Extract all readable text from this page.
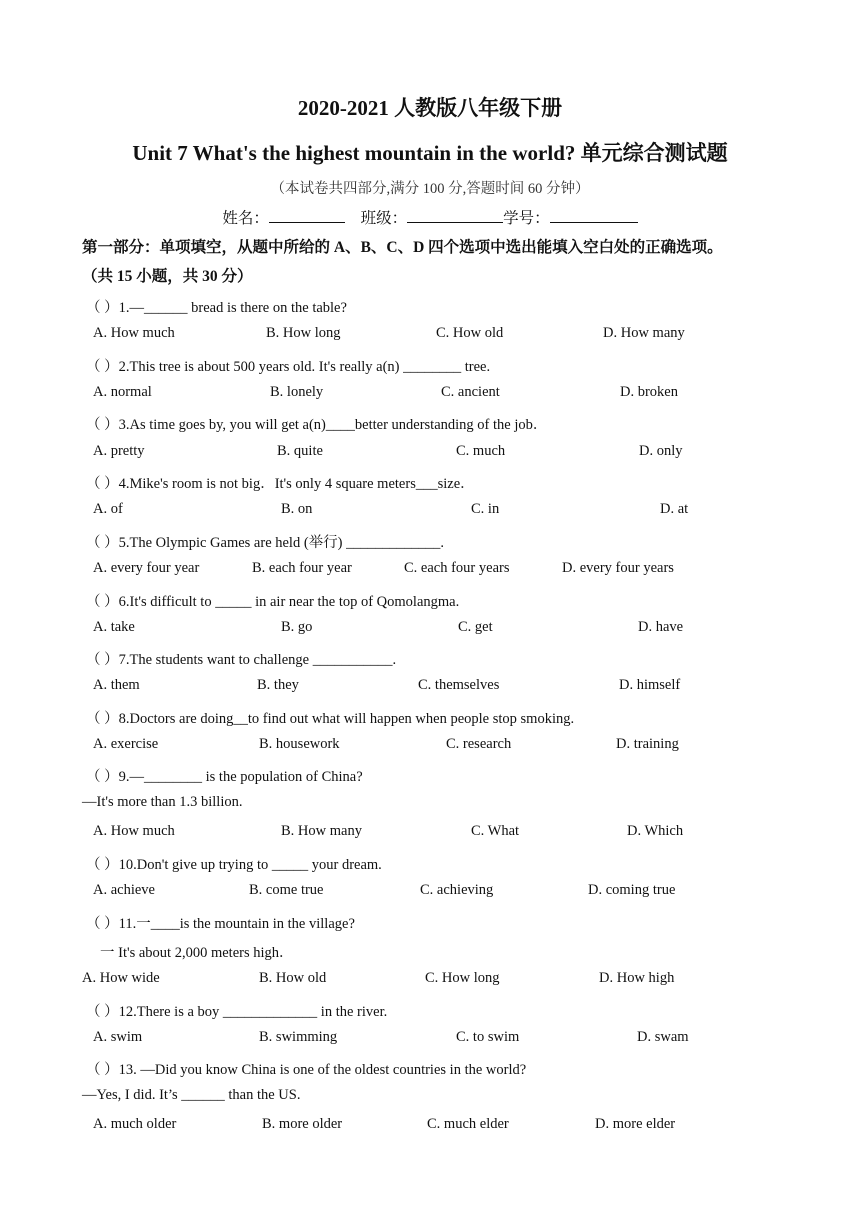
2020-2021 人教版八年级下册
Unit 7 What's the highest mountain in the world? 单元综合测试题
（本试卷共四部分,满分 100 分,答题时间 60 分钟）
姓名：	班级：	学号：
第一部分：单项填空，从题中所给的 A、B、C、D 四个选项中选出能填入空白处的正确选项。
（共 15 小题，共 30 分）
（ ）1.—______ bread is there on the table?
A. How much	B. How long	C. How old	D. How many
（ ）2.This tree is about 500 years old. It's really a(n) ________ tree.
A. normal	B. lonely	C. ancient	D. broken
（ ）3.As time goes by, you will get a(n)____better understanding of the job．
A. pretty	B. quite	C. much	D. only
（ ）4.Mike's room is not big．It's only 4 square meters___size．
A. of	B. on	C. in	D. at
（ ）5.The Olympic Games are held (举行) _____________.
A. every four year	B. each four year	C. each four years	D. every four years
（ ）6.It's difficult to _____ in air near the top of Qomolangma.
A. take	B. go	C. get	D. have
（ ）7.The students want to challenge ___________.
A. them	B. they	C. themselves	D. himself
（ ）8.Doctors are doing__to find out what will happen when people stop smoking.
A. exercise	B. housework	C. research	D. training
（ ）9.—________ is the population of China?
—It's more than 1.3 billion.
A. How much	B. How many	C. What	D. Which
（ ）10.Don't give up trying to _____ your dream.
A. achieve	B. come true	C. achieving	D. coming true
（ ）11.一____is the mountain in the village?
一 It's about 2,000 meters high．
A. How wide	B. How old	C. How long	D. How high
（ ）12.There is a boy _____________ in the river.
A. swim	B. swimming	C. to swim	D. swam
（ ）13. —Did you know China is one of the oldest countries in the world?
—Yes, I did. It’s ______ than the US.
A. much older	B. more older	C. much elder	D. more elder
